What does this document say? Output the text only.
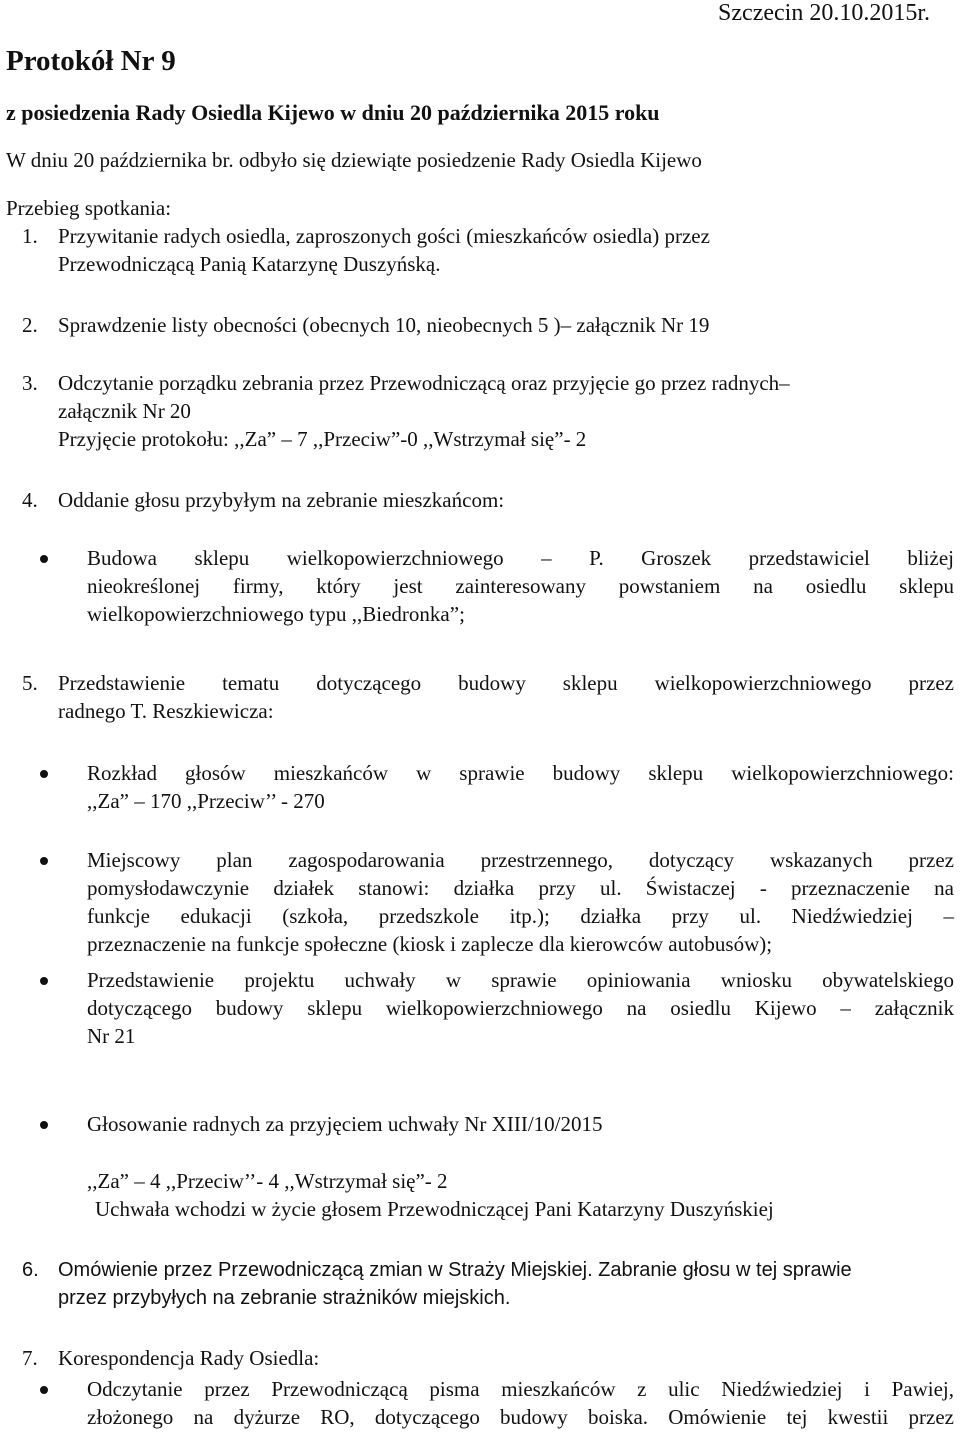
Szczecin 20.10.2015r.

Protokół Nr 9

z posiedzenia Rady Osiedla Kijewo w dniu 20 października 2015 roku

W dniu 20 października br. odbyło się dziewiąte posiedzenie Rady Osiedla Kijewo

Przebieg spotkania:

1. Przywitanie radych osiedla, zaproszonych gości (mieszkańców osiedla) przez
Przewodniczącą Panią Katarzynę Duszyńską.
2. Sprawdzenie listy obecności (obecnych 10, nieobecnych 5 )– załącznik Nr 19
3. Odczytanie porządku zebrania przez Przewodniczącą oraz przyjęcie go przez radnych–
załącznik Nr 20
Przyjęcie protokołu: ,,Za” – 7 ,,Przeciw”-0 ,,Wstrzymał się”- 2
4. Oddanie głosu przybyłym na zebranie mieszkańcom:
Budowa sklepu wielkopowierzchniowego – P. Groszek przedstawiciel bliżej
nieokreślonej firmy, który jest zainteresowany powstaniem na osiedlu sklepu
wielkopowierzchniowego typu ,,Biedronka”;
5. Przedstawienie tematu dotyczącego budowy sklepu wielkopowierzchniowego przez
radnego T. Reszkiewicza:
Rozkład głosów mieszkańców w sprawie budowy sklepu wielkopowierzchniowego:
,,Za” – 170 ,,Przeciw’’ - 270
Miejscowy plan zagospodarowania przestrzennego, dotyczący wskazanych przez
pomysłodawczynie działek stanowi: działka przy ul. Świstaczej - przeznaczenie na
funkcje edukacji (szkoła, przedszkole itp.); działka przy ul. Niedźwiedziej –
przeznaczenie na funkcje społeczne (kiosk i zaplecze dla kierowców autobusów);
Przedstawienie projektu uchwały w sprawie opiniowania wniosku obywatelskiego
dotyczącego budowy sklepu wielkopowierzchniowego na osiedlu Kijewo – załącznik
Nr 21
Głosowanie radnych za przyjęciem uchwały Nr XIII/10/2015
,,Za” – 4 ,,Przeciw’’- 4 ,,Wstrzymał się”- 2
Uchwała wchodzi w życie głosem Przewodniczącej Pani Katarzyny Duszyńskiej
6. Omówienie przez Przewodniczącą zmian w Straży Miejskiej. Zabranie głosu w tej sprawie
przez przybyłych na zebranie strażników miejskich.
7. Korespondencja Rady Osiedla:
Odczytanie przez Przewodniczącą pisma mieszkańców z ulic Niedźwiedziej i Pawiej,
złożonego na dyżurze RO, dotyczącego budowy boiska. Omówienie tej kwestii przez
